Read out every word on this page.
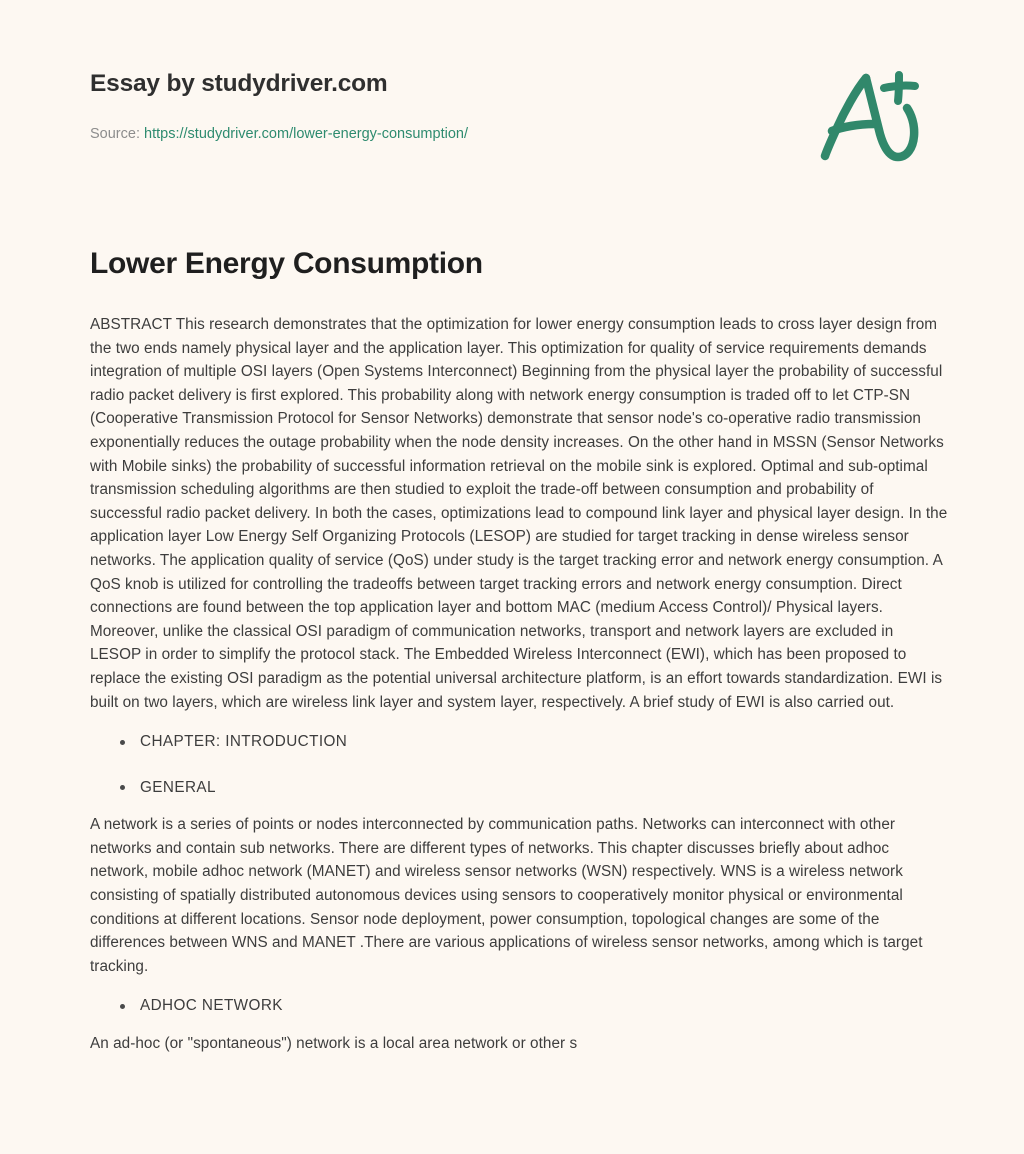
Essay by studydriver.com
Source: https://studydriver.com/lower-energy-consumption/
Lower Energy Consumption

ABSTRACT This research demonstrates that the optimization for lower energy consumption leads to cross layer design from the two ends namely physical layer and the application layer. This optimization for quality of service requirements demands integration of multiple OSI layers (Open Systems Interconnect) Beginning from the physical layer the probability of successful radio packet delivery is first explored. This probability along with network energy consumption is traded off to let CTP-SN (Cooperative Transmission Protocol for Sensor Networks) demonstrate that sensor node's co-operative radio transmission exponentially reduces the outage probability when the node density increases. On the other hand in MSSN (Sensor Networks with Mobile sinks) the probability of successful information retrieval on the mobile sink is explored. Optimal and sub-optimal transmission scheduling algorithms are then studied to exploit the trade-off between consumption and probability of successful radio packet delivery. In both the cases, optimizations lead to compound link layer and physical layer design. In the application layer Low Energy Self Organizing Protocols (LESOP) are studied for target tracking in dense wireless sensor networks. The application quality of service (QoS) under study is the target tracking error and network energy consumption. A QoS knob is utilized for controlling the tradeoffs between target tracking errors and network energy consumption. Direct connections are found between the top application layer and bottom MAC (medium Access Control)/ Physical layers. Moreover, unlike the classical OSI paradigm of communication networks, transport and network layers are excluded in LESOP in order to simplify the protocol stack. The Embedded Wireless Interconnect (EWI), which has been proposed to replace the existing OSI paradigm as the potential universal architecture platform, is an effort towards standardization. EWI is built on two layers, which are wireless link layer and system layer, respectively. A brief study of EWI is also carried out.

CHAPTER: INTRODUCTION
GENERAL

A network is a series of points or nodes interconnected by communication paths. Networks can interconnect with other networks and contain sub networks. There are different types of networks. This chapter discusses briefly about adhoc network, mobile adhoc network (MANET) and wireless sensor networks (WSN) respectively. WNS is a wireless network consisting of spatially distributed autonomous devices using sensors to cooperatively monitor physical or environmental conditions at different locations. Sensor node deployment, power consumption, topological changes are some of the differences between WNS and MANET .There are various applications of wireless sensor networks, among which is target tracking.

ADHOC NETWORK

An ad-hoc (or "spontaneous") network is a local area network or other s
